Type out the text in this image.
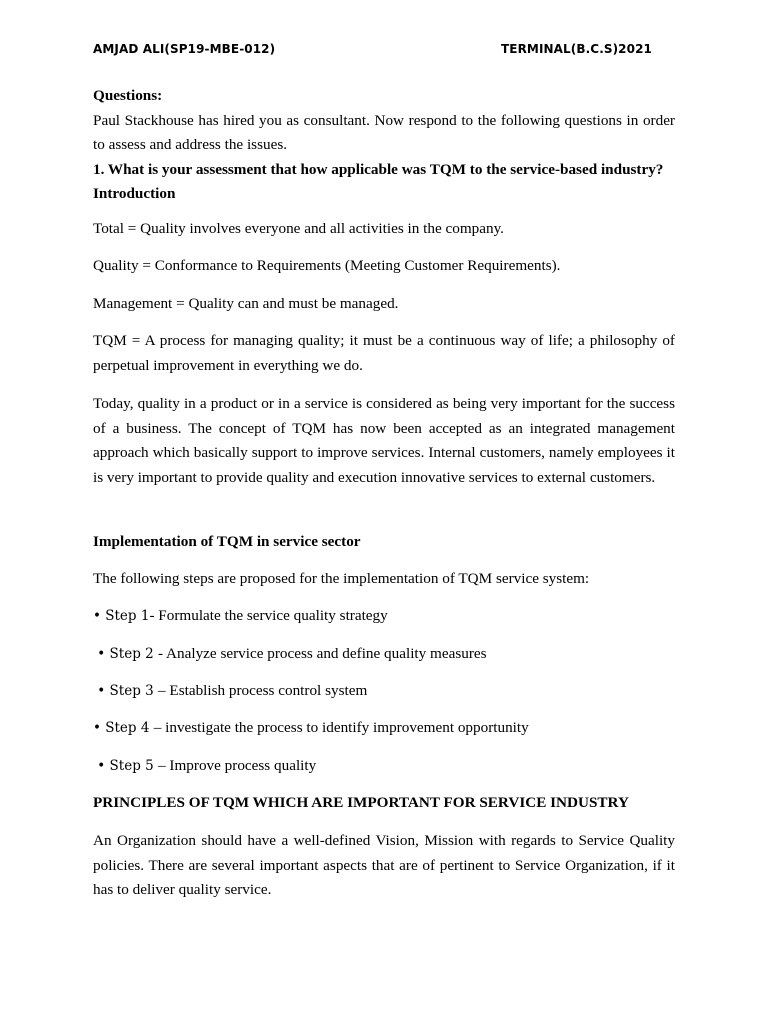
AMJAD ALI(SP19-MBE-012)	TERMINAL(B.C.S)2021

Questions:

Paul Stackhouse has hired you as consultant. Now respond to the following questions in order to assess and address the issues.

1. What is your assessment that how applicable was TQM to the service-based industry?

Introduction

Total = Quality involves everyone and all activities in the company.

Quality = Conformance to Requirements (Meeting Customer Requirements).

Management = Quality can and must be managed.

TQM = A process for managing quality; it must be a continuous way of life; a philosophy of perpetual improvement in everything we do.

Today, quality in a product or in a service is considered as being very important for the success of a business. The concept of TQM has now been accepted as an integrated management approach which basically support to improve services. Internal customers, namely employees it is very important to provide quality and execution innovative services to external customers.

Implementation of TQM in service sector

The following steps are proposed for the implementation of TQM service system:

• Step 1- Formulate the service quality strategy

• Step 2 - Analyze service process and define quality measures

• Step 3 – Establish process control system

• Step 4 – investigate the process to identify improvement opportunity

• Step 5 – Improve process quality

PRINCIPLES OF TQM WHICH ARE IMPORTANT FOR SERVICE INDUSTRY

An Organization should have a well-defined Vision, Mission with regards to Service Quality policies. There are several important aspects that are of pertinent to Service Organization, if it has to deliver quality service.
